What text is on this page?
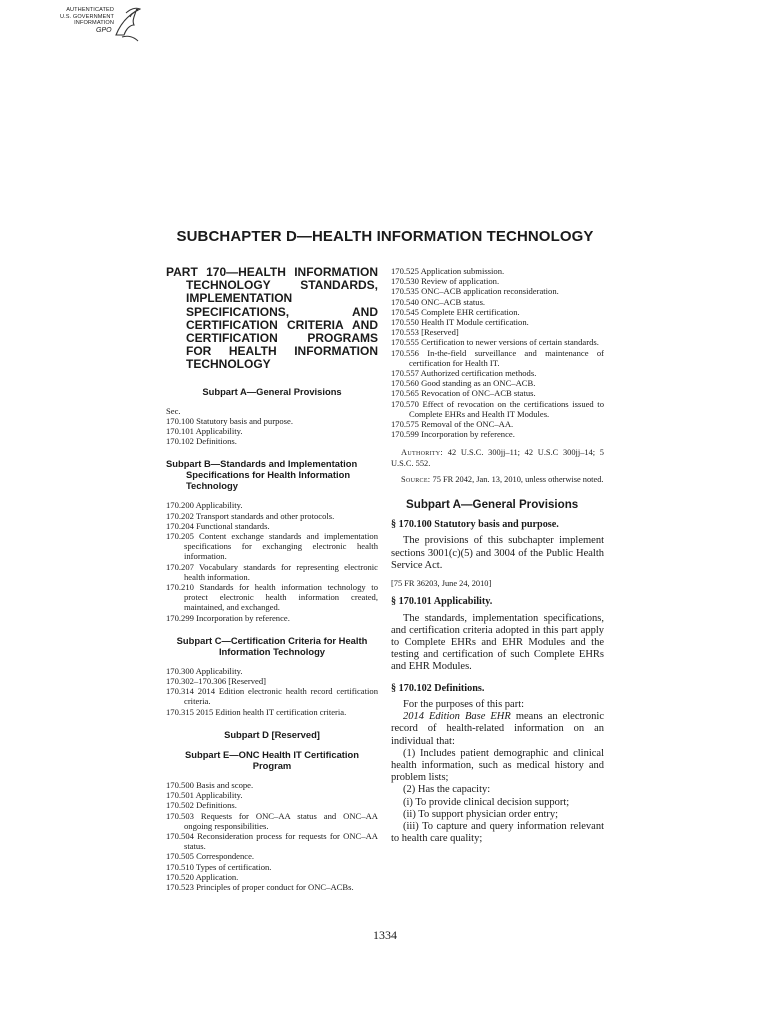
AUTHENTICATED
U.S. GOVERNMENT
INFORMATION
GPO
SUBCHAPTER D—HEALTH INFORMATION TECHNOLOGY
PART 170—HEALTH INFORMATION TECHNOLOGY STANDARDS, IMPLEMENTATION SPECIFICATIONS, AND CERTIFICATION CRITERIA AND CERTIFICATION PROGRAMS FOR HEALTH INFORMATION TECHNOLOGY
Subpart A—General Provisions
Sec.
170.100 Statutory basis and purpose.
170.101 Applicability.
170.102 Definitions.
Subpart B—Standards and Implementation Specifications for Health Information Technology
170.200 Applicability.
170.202 Transport standards and other protocols.
170.204 Functional standards.
170.205 Content exchange standards and implementation specifications for exchanging electronic health information.
170.207 Vocabulary standards for representing electronic health information.
170.210 Standards for health information technology to protect electronic health information created, maintained, and exchanged.
170.299 Incorporation by reference.
Subpart C—Certification Criteria for Health Information Technology
170.300 Applicability.
170.302–170.306 [Reserved]
170.314 2014 Edition electronic health record certification criteria.
170.315 2015 Edition health IT certification criteria.
Subpart D [Reserved]
Subpart E—ONC Health IT Certification Program
170.500 Basis and scope.
170.501 Applicability.
170.502 Definitions.
170.503 Requests for ONC–AA status and ONC–AA ongoing responsibilities.
170.504 Reconsideration process for requests for ONC–AA status.
170.505 Correspondence.
170.510 Types of certification.
170.520 Application.
170.523 Principles of proper conduct for ONC–ACBs.
170.525 Application submission.
170.530 Review of application.
170.535 ONC–ACB application reconsideration.
170.540 ONC–ACB status.
170.545 Complete EHR certification.
170.550 Health IT Module certification.
170.553 [Reserved]
170.555 Certification to newer versions of certain standards.
170.556 In-the-field surveillance and maintenance of certification for Health IT.
170.557 Authorized certification methods.
170.560 Good standing as an ONC–ACB.
170.565 Revocation of ONC–ACB status.
170.570 Effect of revocation on the certifications issued to Complete EHRs and Health IT Modules.
170.575 Removal of the ONC–AA.
170.599 Incorporation by reference.

Authority: 42 U.S.C. 300jj–11; 42 U.S.C 300jj–14; 5 U.S.C. 552.

Source: 75 FR 2042, Jan. 13, 2010, unless otherwise noted.

Subpart A—General Provisions
§ 170.100 Statutory basis and purpose.

The provisions of this subchapter implement sections 3001(c)(5) and 3004 of the Public Health Service Act.

[75 FR 36203, June 24, 2010]
§ 170.101 Applicability.

The standards, implementation specifications, and certification criteria adopted in this part apply to Complete EHRs and EHR Modules and the testing and certification of such Complete EHRs and EHR Modules.

§ 170.102 Definitions.

For the purposes of this part:

2014 Edition Base EHR means an electronic record of health-related information on an individual that:

(1) Includes patient demographic and clinical health information, such as medical history and problem lists;

(2) Has the capacity:

(i) To provide clinical decision support;

(ii) To support physician order entry;

(iii) To capture and query information relevant to health care quality;

1334
